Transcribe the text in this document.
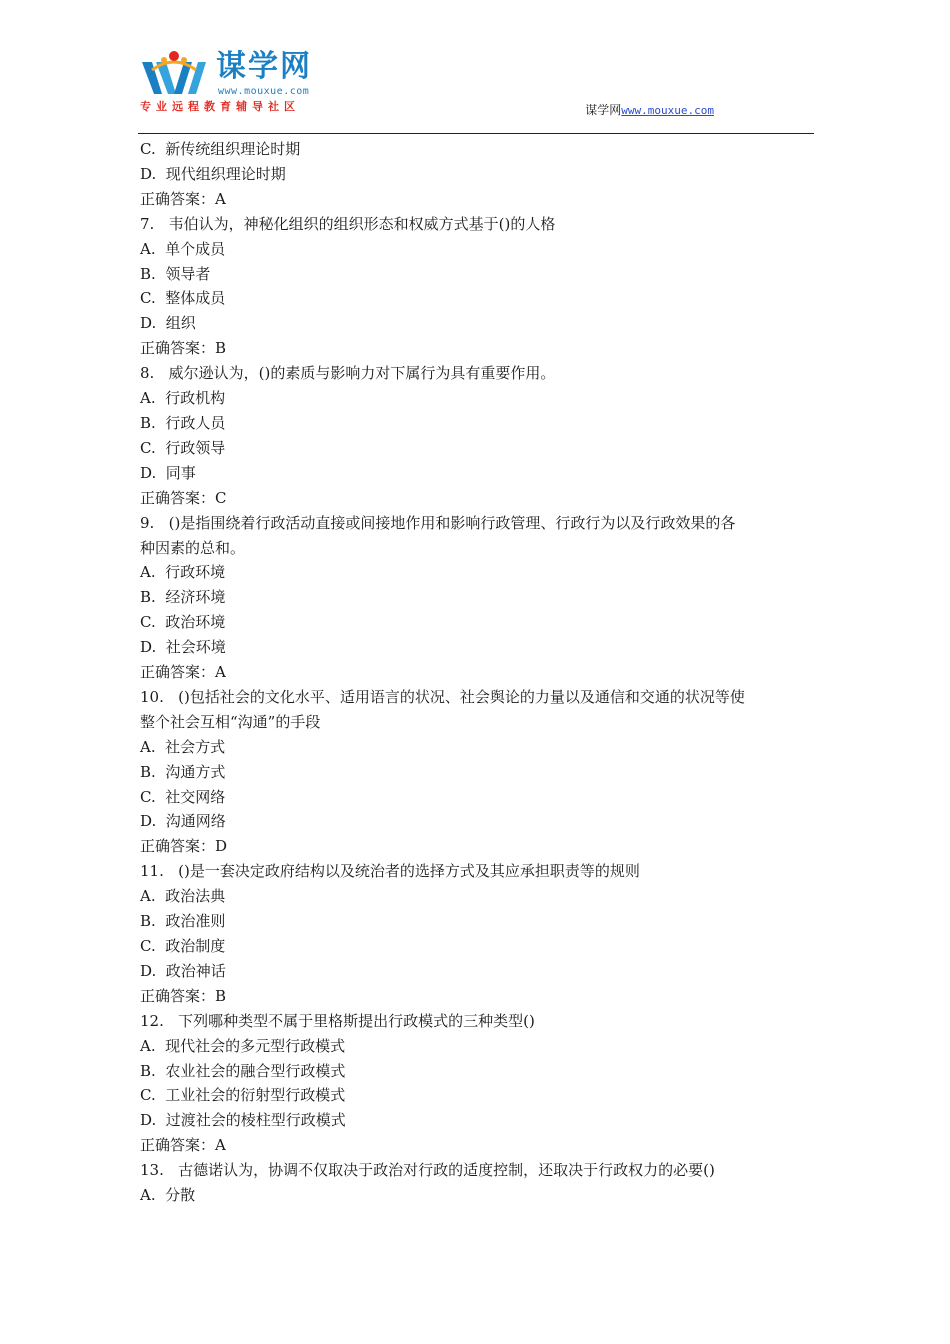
谋学网
www.mouxue.com
专业远程教育辅导社区	谋学网www.mouxue.com

C.  新传统组织理论时期

D.  现代组织理论时期

正确答案：A

7.   韦伯认为，神秘化组织的组织形态和权威方式基于()的人格

A.  单个成员

B.  领导者

C.  整体成员

D.  组织

正确答案：B

8.   威尔逊认为，()的素质与影响力对下属行为具有重要作用。

A.  行政机构

B.  行政人员

C.  行政领导

D.  同事

正确答案：C

9.   ()是指围绕着行政活动直接或间接地作用和影响行政管理、行政行为以及行政效果的各

种因素的总和。

A.  行政环境

B.  经济环境

C.  政治环境

D.  社会环境

正确答案：A

10.   ()包括社会的文化水平、适用语言的状况、社会舆论的力量以及通信和交通的状况等使

整个社会互相“沟通”的手段

A.  社会方式

B.  沟通方式

C.  社交网络

D.  沟通网络

正确答案：D

11.   ()是一套决定政府结构以及统治者的选择方式及其应承担职责等的规则

A.  政治法典

B.  政治准则

C.  政治制度

D.  政治神话

正确答案：B

12.   下列哪种类型不属于里格斯提出行政模式的三种类型()

A.  现代社会的多元型行政模式

B.  农业社会的融合型行政模式

C.  工业社会的衍射型行政模式

D.  过渡社会的棱柱型行政模式

正确答案：A

13.   古德诺认为，协调不仅取决于政治对行政的适度控制，还取决于行政权力的必要()

A.  分散
